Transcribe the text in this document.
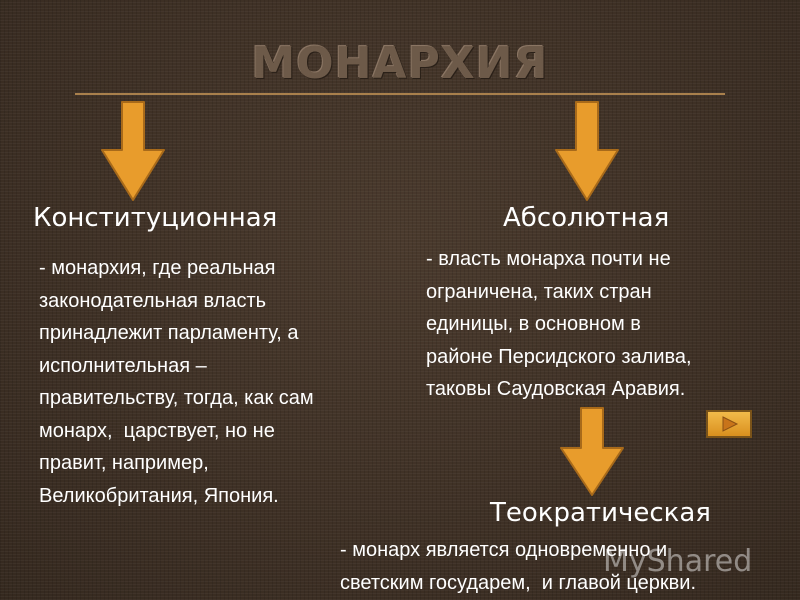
МОНАРХИЯ
Конституционная

- монархия, где реальная
законодательная власть
принадлежит парламенту, а
исполнительная –
правительству, тогда, как сам
монарх,  царствует, но не
правит, например,
Великобритания, Япония.

Абсолютная

- власть монарха почти не
ограничена, таких стран
единицы, в основном в
районе Персидского залива,
таковы Саудовская Аравия.

Теократическая

- монарх является одновременно и
светским государем,  и главой церкви.

MyShared
